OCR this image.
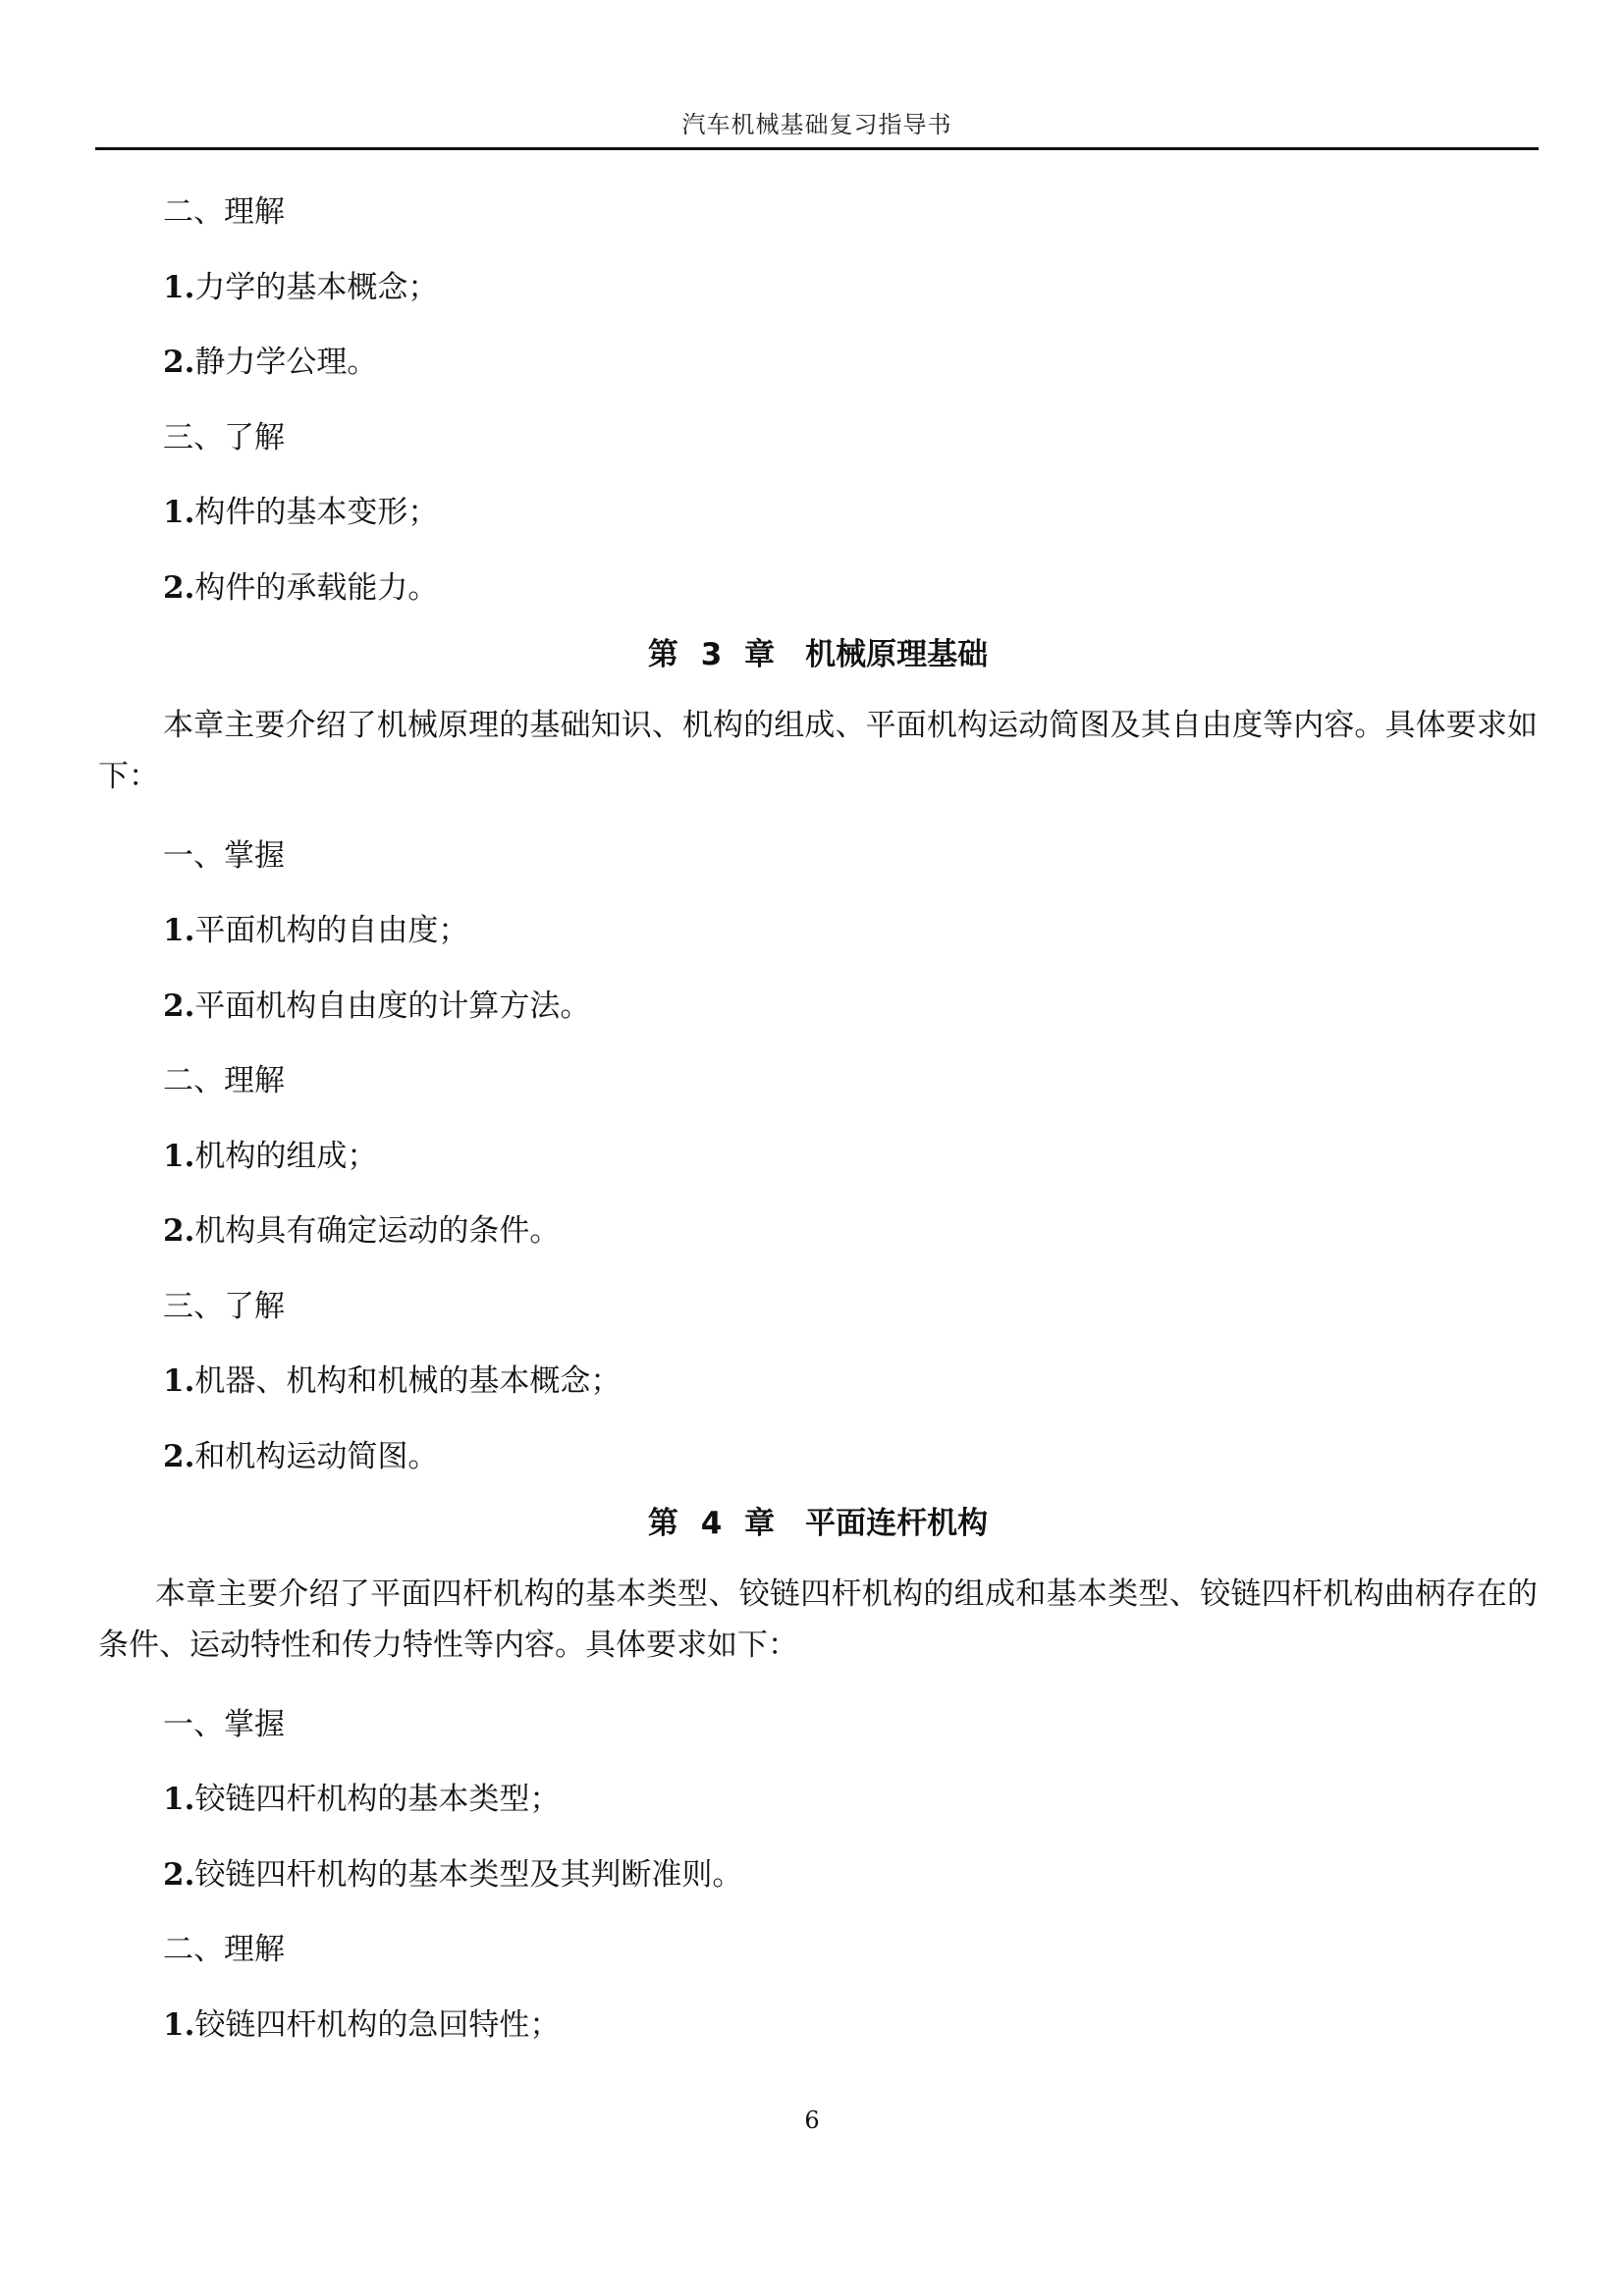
汽车机械基础复习指导书
二、理解
1.力学的基本概念；
2.静力学公理。
三、了解
1.构件的基本变形；
2.构件的承载能力。
第 3 章　机械原理基础
本章主要介绍了机械原理的基础知识、机构的组成、平面机构运动简图及其自由度等内容。具体要求如下：
一、掌握
1.平面机构的自由度；
2.平面机构自由度的计算方法。
二、理解
1.机构的组成；
2.机构具有确定运动的条件。
三、了解
1.机器、机构和机械的基本概念；
2.和机构运动简图。
第 4 章　平面连杆机构
本章主要介绍了平面四杆机构的基本类型、铰链四杆机构的组成和基本类型、铰链四杆机构曲柄存在的条件、运动特性和传力特性等内容。具体要求如下：
一、掌握
1.铰链四杆机构的基本类型；
2.铰链四杆机构的基本类型及其判断准则。
二、理解
1.铰链四杆机构的急回特性；
6
